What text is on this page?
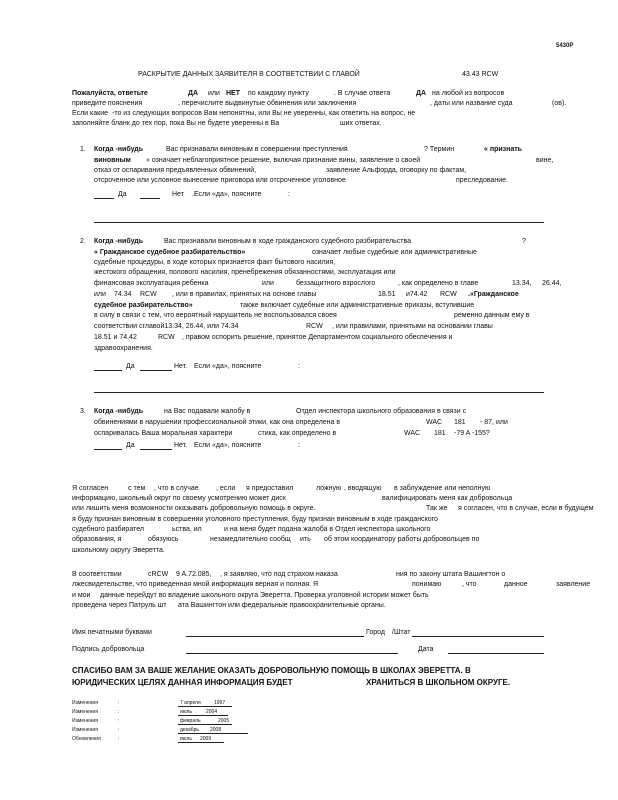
5430P
РАСКРЫТИЕ ДАННЫХ ЗАЯВИТЕЛЯ В СООТВЕТСТВИИ С ГЛАВОЙ	43.43 RCW
Пожалуйста, ответьте	ДА или НЕТ по каждому пункту	. В случае ответа	ДА на любой из вопросов
приведите пояснения	, перечислите выдвинутые обвинения или заключения	, даты или название суда	(ов).
Если какие -то из следующих вопросов Вам непонятны, или Вы не уверенны, как ответить на вопрос, не
заполняйте бланк до тех пор, пока Вы не будете уверенны в Ва	ших ответах.
1. Когда -нибудь	Вас признавали виновным в совершении преступления	? Термин	« признать
виновным » означает неблагоприятное решение, включая признание вины, заявление о своей	вине,
отказ от оспаривания предъявленных обвинений,	заявление Альфорда, оговорку по фактам,
отсроченное или условное вынесение приговора или отсроченное уголовное	преследование.
Да	Нет .Если «да», поясните	:
2. Когда -нибудь	Вас признавали виновным в ходе гражданского судебного разбирательства	?
« Гражданское судебное разбирательство»	означает любые судебные или административные
судебные процедуры, в ходе которых признается факт бытового насилия,
жестокого обращения, полового насилия, пренебрежения обязанностями, эксплуатация или
финансовая эксплуатация ребенка	или	беззащитного взрослого	, как определено в главе	13.34, 26.44,
или 74.34 RCW , или в правилах, принятых на основе главы	18.51 и74.42 RCW .«Гражданское
судебное разбирательство»	также включает судебные или административные приказы, вступившие
в силу в связи с тем, что вероятный нарушитель не воспользовался своея	ременно данным ему в
соответствии сглавой13.34, 26.44, или 74.34	RCW , или правилами, принятыми на основании главы
18.51 и 74.42	RCW , правом оспорить решение, принятое Департаментом социального обеспечения и
здравоохранения.
Да	Нет. Если «да», поясните	:
3. Когда -нибудь	на Вас подавали жалобу в	Отдел инспектора школьного образования в связи с
обвинениями в нарушении профессиональной этики, как она определена в	WAC 181 - 87, или
оспаривалась Ваша моральная характери	стика, как определено в	WAC 181 -79 A -155?
Да	Нет. Если «да», поясните	:
Я согласен	с тем , что в случае , если я предоставил	ложную , вводящую в заблуждение или неполную
информацию, школьный округ по своему усмотрению может диск	валифицировать меня как добровольца
или лишить меня возможности оказывать добровольную помощь в округе.	Так же я согласен, что в случае, если в будущем
я буду признан виновным в совершении уголовного преступления, буду признан виновным в ходе гражданского
судебного разбирател	ьства, ил	и на меня будет подана жалоба в Отдел инспектора школьного
образования, я	обязуюсь	незамедлительно сообщ ить об этом координатору работы добровольцев по
школьному округу Эверетта.
В соответствии	сRCW 9 A.72.085, , я заявляю, что под страхом наказа	ния по закону штата Вашингтон о
лжесвидетельстве, что приведенная мной информация верная и полная. Я	понимаю	, что	данное	заявление
и мои данные перейдут во владение школьного округа Эверетта. Проверка уголовной истории может быть
проведена через Патруль шт ата Вашингтон или федеральные правоохранительные органы.
Имя печатными буквами	Город /Штат
Подпись добровольца	Дата
СПАСИБО ВАМ ЗА ВАШЕ ЖЕЛАНИЕ ОКАЗАТЬ ДОБРОВОЛЬНУЮ ПОМОЩЬ В ШКОЛАХ ЭВЕРЕТТА. В
ЮРИДИЧЕСКИХ ЦЕЛЯХ ДАННАЯ ИНФОРМАЦИЯ БУДЕТ	ХРАНИТЬСЯ В ШКОЛЬНОМ ОКРУГЕ.
Изменения	:	7 апреля	1997
Изменения	:	июль	2004
Изменения	:	февраль	2005
Изменения	:	декабрь 2008
Обновления	:	июль 2009
